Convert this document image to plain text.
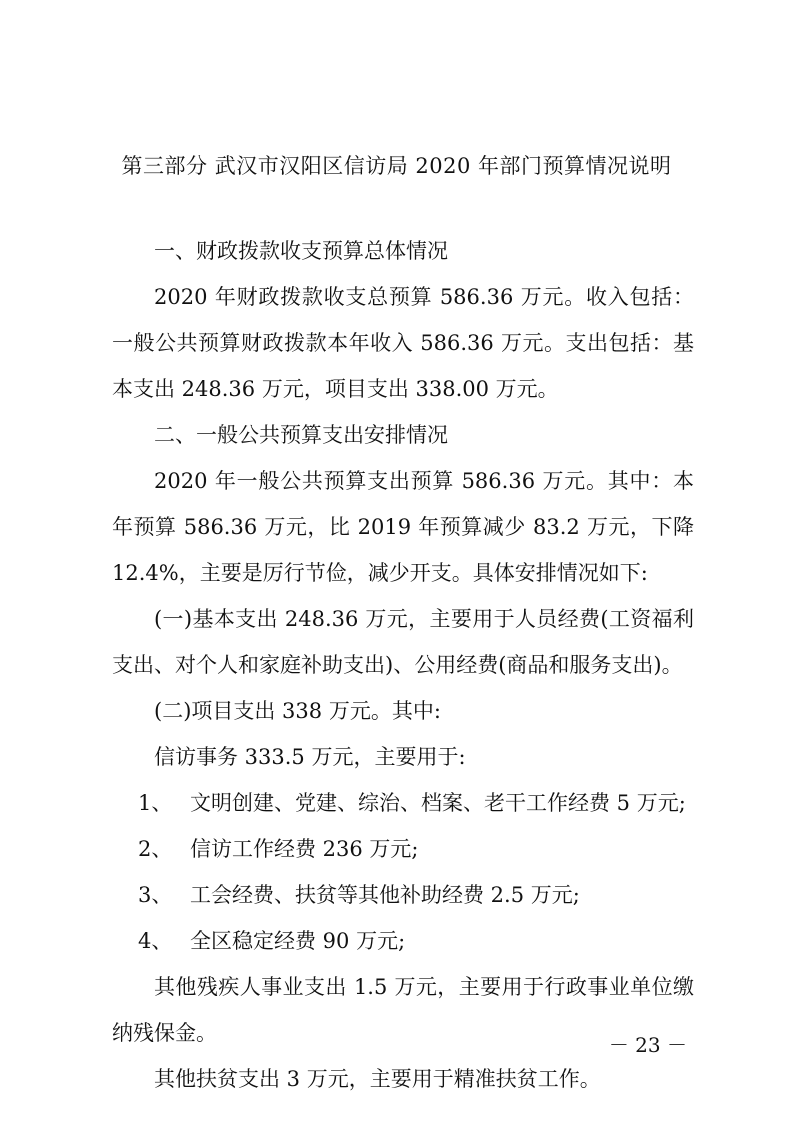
第三部分 武汉市汉阳区信访局 2020 年部门预算情况说明

一、财政拨款收支预算总体情况

2020 年财政拨款收支总预算 586.36 万元。收入包括：一般公共预算财政拨款本年收入 586.36 万元。支出包括：基本支出 248.36 万元，项目支出 338.00 万元。

二、一般公共预算支出安排情况

2020 年一般公共预算支出预算 586.36 万元。其中：本年预算 586.36 万元，比 2019 年预算减少 83.2 万元，下降 12.4%，主要是厉行节俭，减少开支。具体安排情况如下:

(一)基本支出 248.36 万元，主要用于人员经费(工资福利支出、对个人和家庭补助支出)、公用经费(商品和服务支出)。

(二)项目支出 338 万元。其中:

信访事务 333.5 万元，主要用于:

1、 文明创建、党建、综治、档案、老干工作经费 5 万元;
2、 信访工作经费 236 万元;
3、 工会经费、扶贫等其他补助经费 2.5 万元;
4、 全区稳定经费 90 万元;

其他残疾人事业支出 1.5 万元，主要用于行政事业单位缴纳残保金。

其他扶贫支出 3 万元，主要用于精准扶贫工作。

－ 23 －
